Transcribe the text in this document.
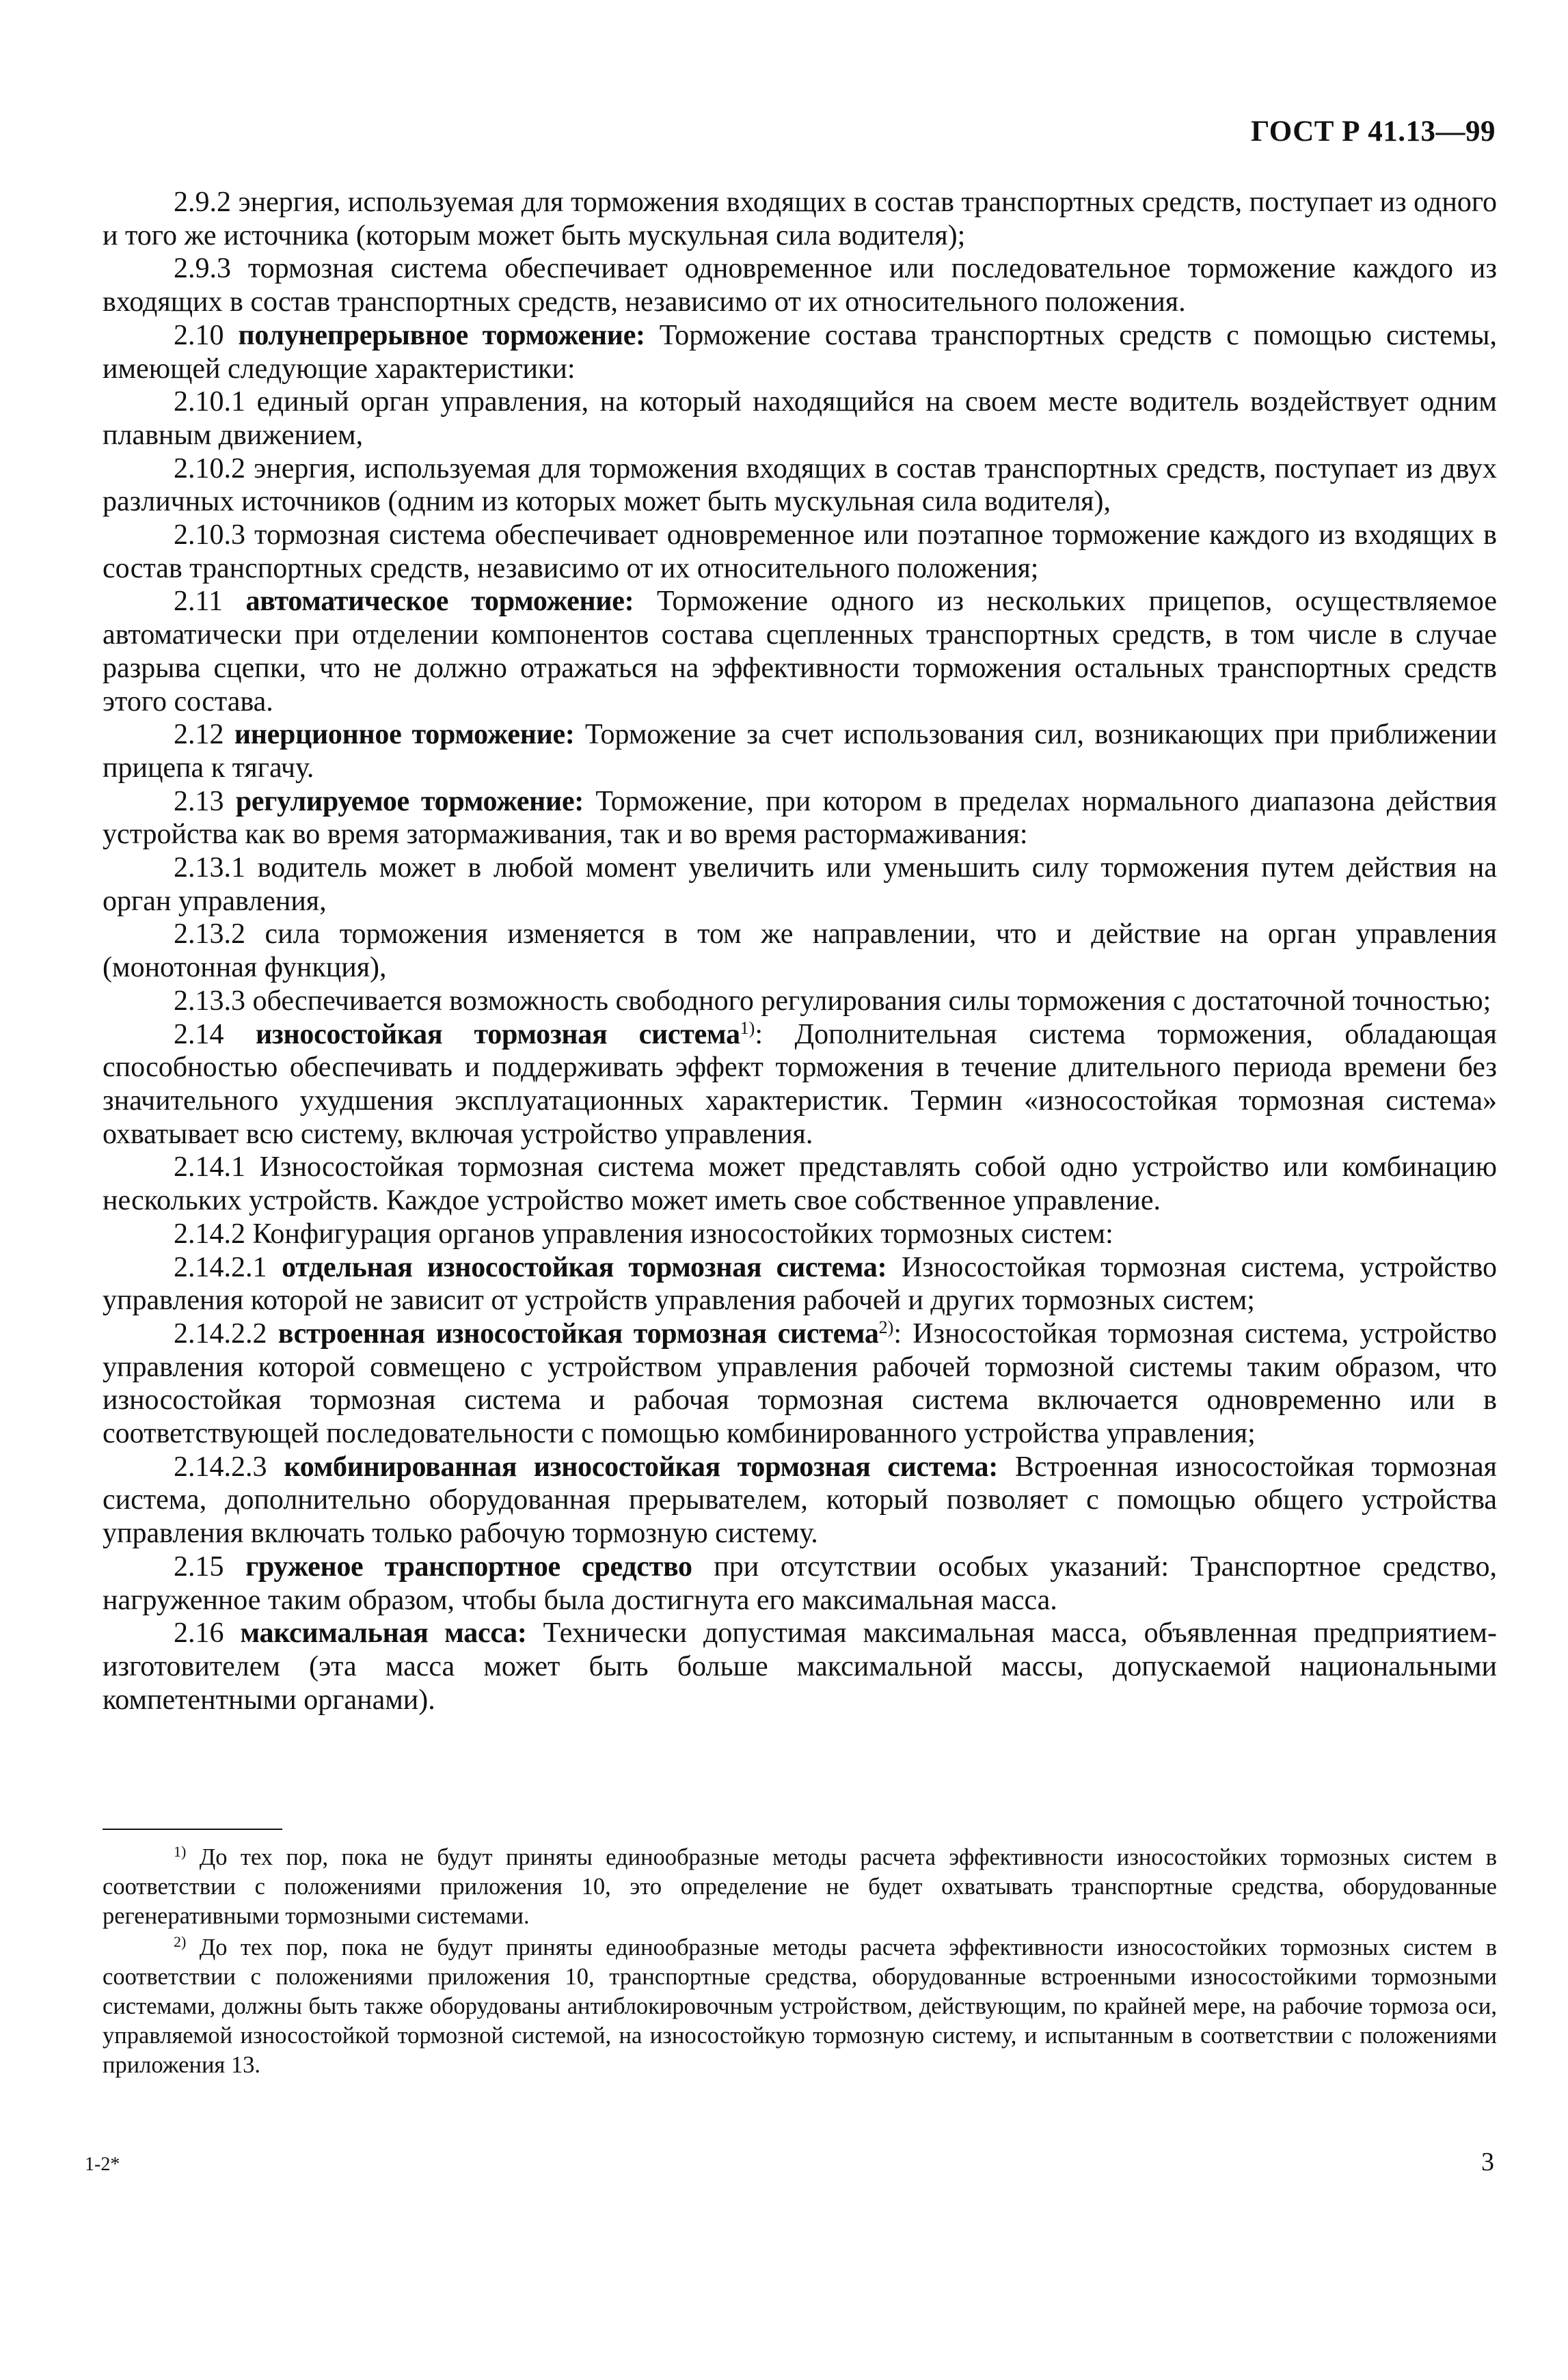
ГОСТ Р 41.13—99

2.9.2 энергия, используемая для торможения входящих в состав транспортных средств, поступает из одного и того же источника (которым может быть мускульная сила водителя);

2.9.3 тормозная система обеспечивает одновременное или последовательное торможение каждого из входящих в состав транспортных средств, независимо от их относительного положения.

2.10 полунепрерывное торможение: Торможение состава транспортных средств с помощью системы, имеющей следующие характеристики:

2.10.1 единый орган управления, на который находящийся на своем месте водитель воздействует одним плавным движением,

2.10.2 энергия, используемая для торможения входящих в состав транспортных средств, поступает из двух различных источников (одним из которых может быть мускульная сила водителя),

2.10.3 тормозная система обеспечивает одновременное или поэтапное торможение каждого из входящих в состав транспортных средств, независимо от их относительного положения;

2.11 автоматическое торможение: Торможение одного из нескольких прицепов, осуществляемое автоматически при отделении компонентов состава сцепленных транспортных средств, в том числе в случае разрыва сцепки, что не должно отражаться на эффективности торможения остальных транспортных средств этого состава.

2.12 инерционное торможение: Торможение за счет использования сил, возникающих при приближении прицепа к тягачу.

2.13 регулируемое торможение: Торможение, при котором в пределах нормального диапазона действия устройства как во время затормаживания, так и во время растормаживания:

2.13.1 водитель может в любой момент увеличить или уменьшить силу торможения путем действия на орган управления,

2.13.2 сила торможения изменяется в том же направлении, что и действие на орган управления (монотонная функция),

2.13.3 обеспечивается возможность свободного регулирования силы торможения с достаточной точностью;

2.14 износостойкая тормозная система$^{1)}$: Дополнительная система торможения, обладающая способностью обеспечивать и поддерживать эффект торможения в течение длительного периода времени без значительного ухудшения эксплуатационных характеристик. Термин «износостойкая тормозная система» охватывает всю систему, включая устройство управления.

2.14.1 Износостойкая тормозная система может представлять собой одно устройство или комбинацию нескольких устройств. Каждое устройство может иметь свое собственное управление.

2.14.2 Конфигурация органов управления износостойких тормозных систем:

2.14.2.1 отдельная износостойкая тормозная система: Износостойкая тормозная система, устройство управления которой не зависит от устройств управления рабочей и других тормозных систем;

2.14.2.2 встроенная износостойкая тормозная система$^{2)}$: Износостойкая тормозная система, устройство управления которой совмещено с устройством управления рабочей тормозной системы таким образом, что износостойкая тормозная система и рабочая тормозная система включается одновременно или в соответствующей последовательности с помощью комбинированного устройства управления;

2.14.2.3 комбинированная износостойкая тормозная система: Встроенная износостойкая тормозная система, дополнительно оборудованная прерывателем, который позволяет с помощью общего устройства управления включать только рабочую тормозную систему.

2.15 груженое транспортное средство при отсутствии особых указаний: Транспортное средство, нагруженное таким образом, чтобы была достигнута его максимальная масса.

2.16 максимальная масса: Технически допустимая максимальная масса, объявленная предприятием-изготовителем (эта масса может быть больше максимальной массы, допускаемой национальными компетентными органами).

$^{1)}$ До тех пор, пока не будут приняты единообразные методы расчета эффективности износостойких тормозных систем в соответствии с положениями приложения 10, это определение не будет охватывать транспортные средства, оборудованные регенеративными тормозными системами.

$^{2)}$ До тех пор, пока не будут приняты единообразные методы расчета эффективности износостойких тормозных систем в соответствии с положениями приложения 10, транспортные средства, оборудованные встроенными износостойкими тормозными системами, должны быть также оборудованы антиблокировочным устройством, действующим, по крайней мере, на рабочие тормоза оси, управляемой износостойкой тормозной системой, на износостойкую тормозную систему, и испытанным в соответствии с положениями приложения 13.

1-2*	3
